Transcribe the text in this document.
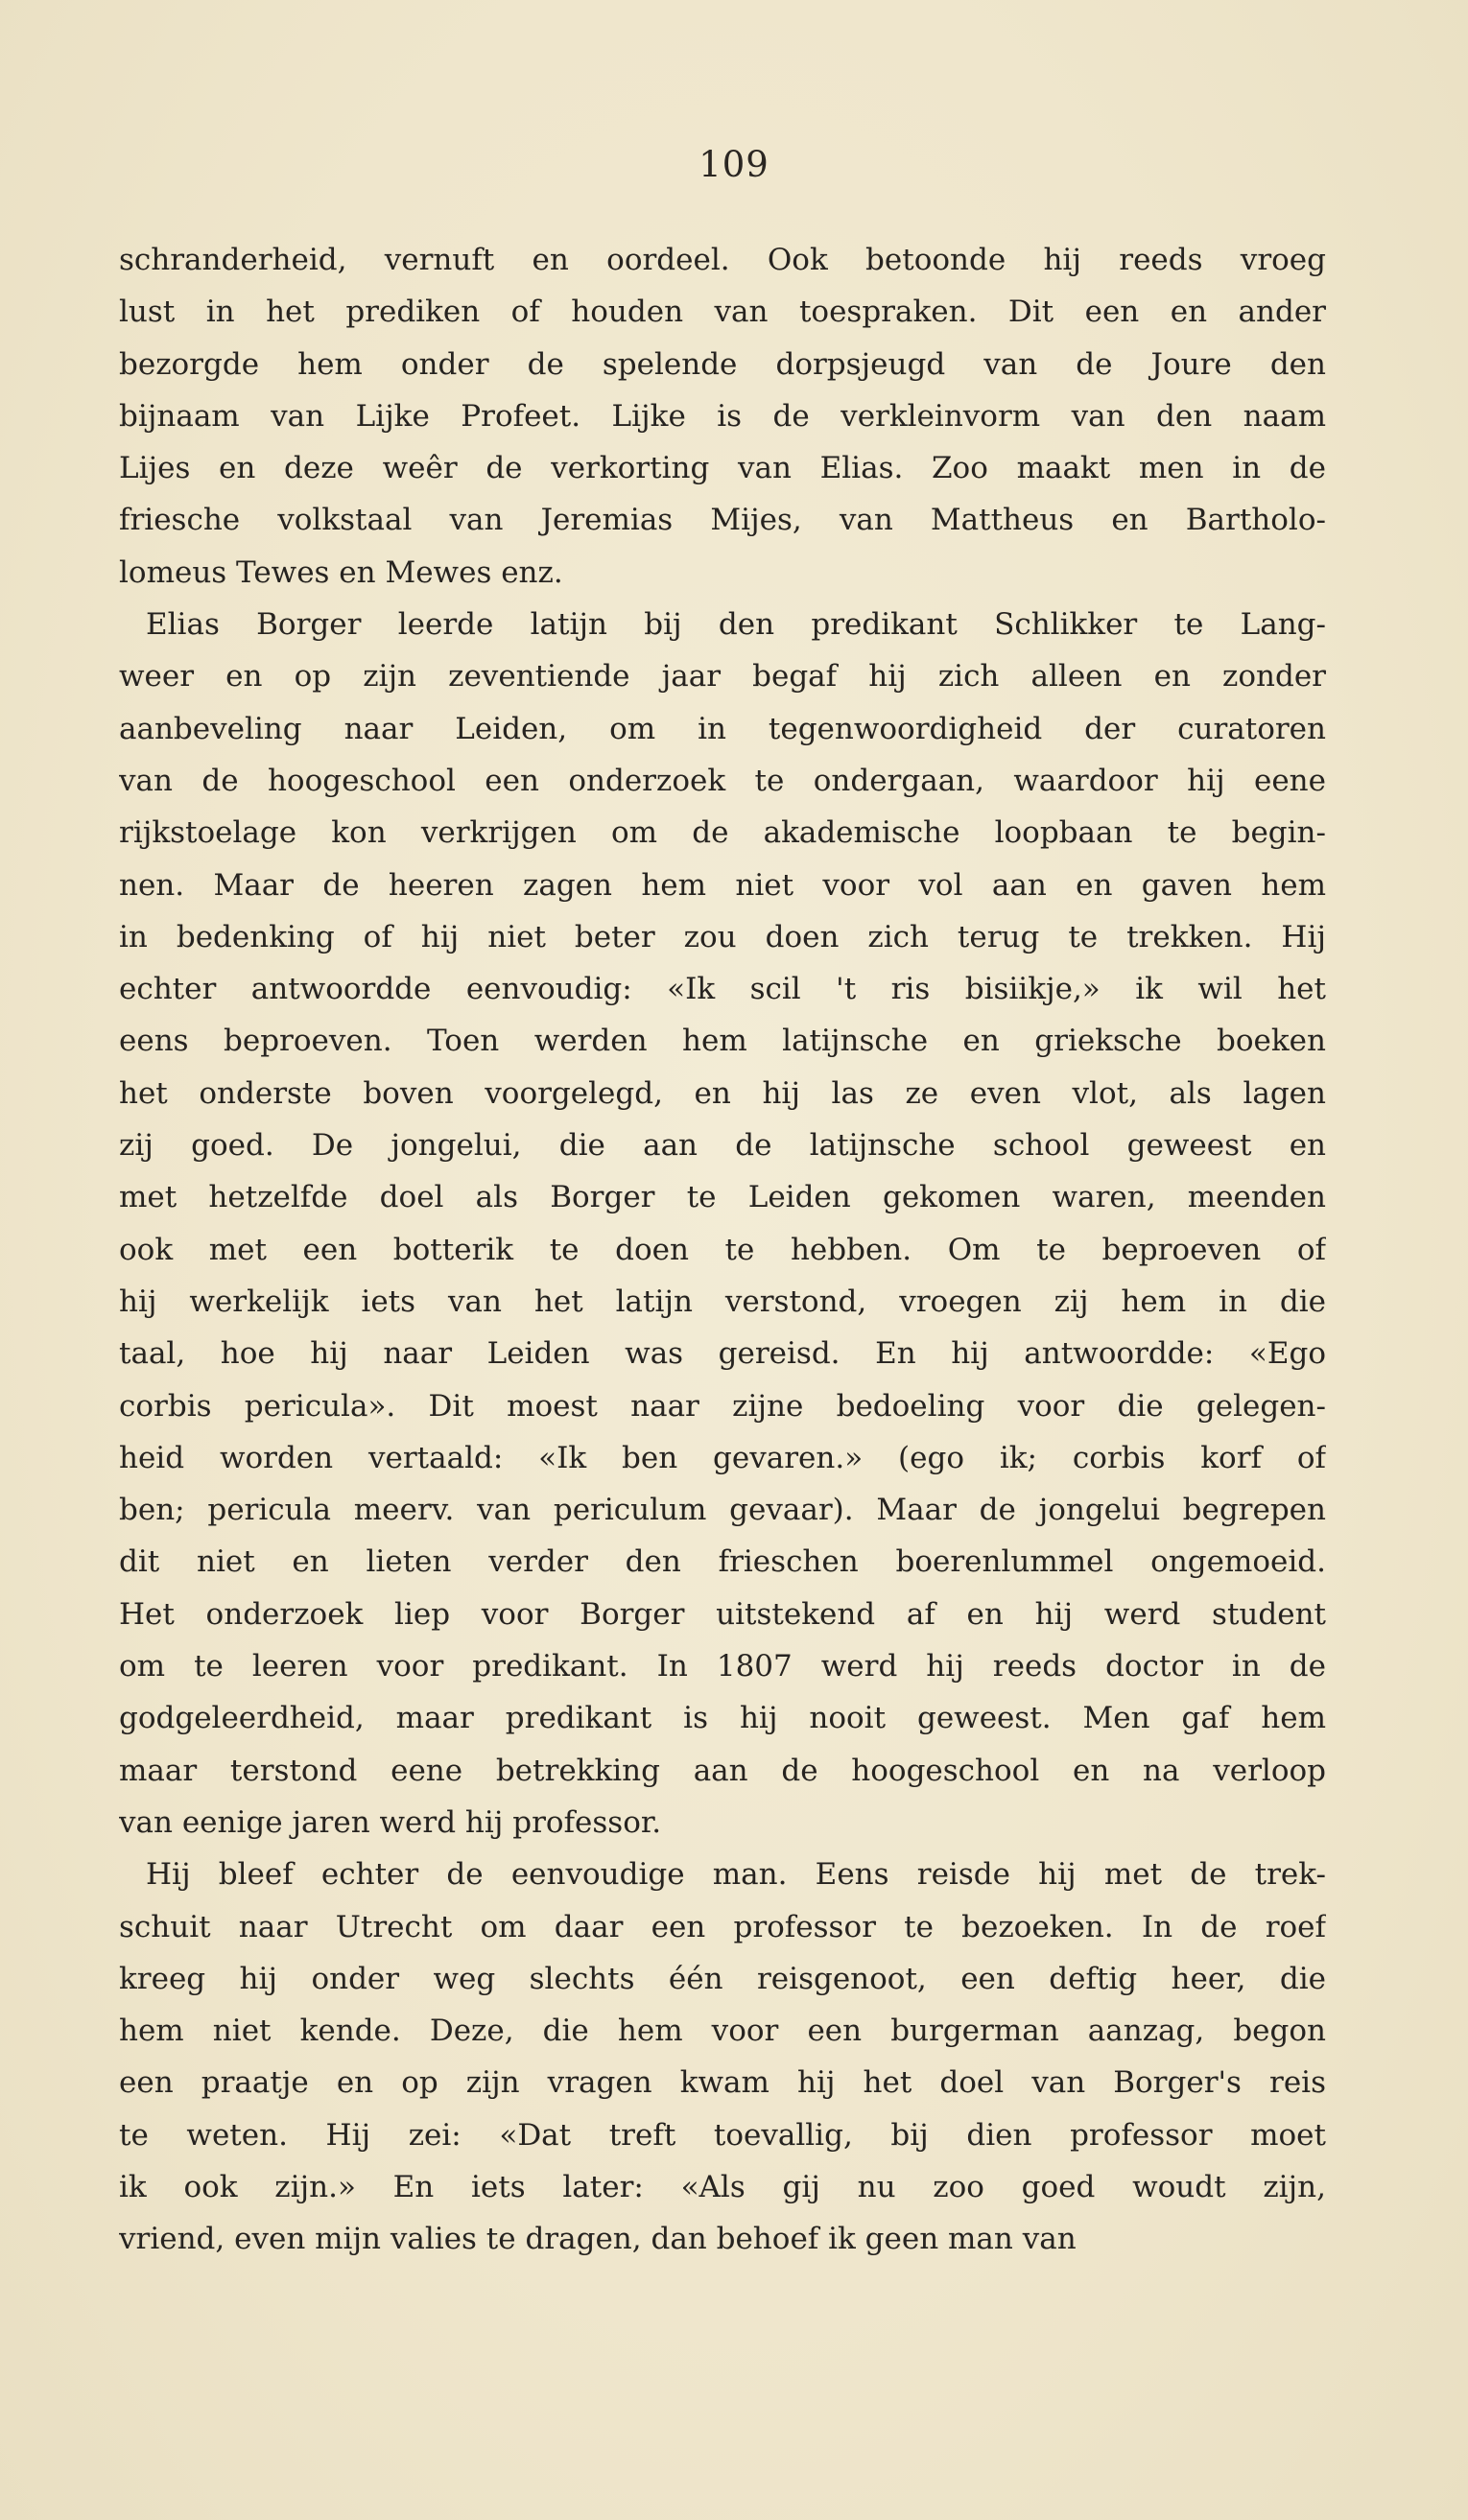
109
schranderheid, vernuft en oordeel. Ook betoonde hij reeds vroeg
lust in het prediken of houden van toespraken. Dit een en ander
bezorgde hem onder de spelende dorpsjeugd van de Joure den
bijnaam van Lijke Profeet. Lijke is de verkleinvorm van den naam
Lijes en deze weêr de verkorting van Elias. Zoo maakt men in de
friesche volkstaal van Jeremias Mijes, van Mattheus en Bartholo-
lomeus Tewes en Mewes enz.
Elias Borger leerde latijn bij den predikant Schlikker te Lang-
weer en op zijn zeventiende jaar begaf hij zich alleen en zonder
aanbeveling naar Leiden, om in tegenwoordigheid der curatoren
van de hoogeschool een onderzoek te ondergaan, waardoor hij eene
rijkstoelage kon verkrijgen om de akademische loopbaan te begin-
nen. Maar de heeren zagen hem niet voor vol aan en gaven hem
in bedenking of hij niet beter zou doen zich terug te trekken. Hij
echter antwoordde eenvoudig: «Ik scil 't ris bisiikje,» ik wil het
eens beproeven. Toen werden hem latijnsche en grieksche boeken
het onderste boven voorgelegd, en hij las ze even vlot, als lagen
zij goed. De jongelui, die aan de latijnsche school geweest en
met hetzelfde doel als Borger te Leiden gekomen waren, meenden
ook met een botterik te doen te hebben. Om te beproeven of
hij werkelijk iets van het latijn verstond, vroegen zij hem in die
taal, hoe hij naar Leiden was gereisd. En hij antwoordde: «Ego
corbis pericula». Dit moest naar zijne bedoeling voor die gelegen-
heid worden vertaald: «Ik ben gevaren.» (ego ik; corbis korf of
ben; pericula meerv. van periculum gevaar). Maar de jongelui begrepen
dit niet en lieten verder den frieschen boerenlummel ongemoeid.
Het onderzoek liep voor Borger uitstekend af en hij werd student
om te leeren voor predikant. In 1807 werd hij reeds doctor in de
godgeleerdheid, maar predikant is hij nooit geweest. Men gaf hem
maar terstond eene betrekking aan de hoogeschool en na verloop
van eenige jaren werd hij professor.
Hij bleef echter de eenvoudige man. Eens reisde hij met de trek-
schuit naar Utrecht om daar een professor te bezoeken. In de roef
kreeg hij onder weg slechts één reisgenoot, een deftig heer, die
hem niet kende. Deze, die hem voor een burgerman aanzag, begon
een praatje en op zijn vragen kwam hij het doel van Borger's reis
te weten. Hij zei: «Dat treft toevallig, bij dien professor moet
ik ook zijn.» En iets later: «Als gij nu zoo goed woudt zijn,
vriend, even mijn valies te dragen, dan behoef ik geen man van
